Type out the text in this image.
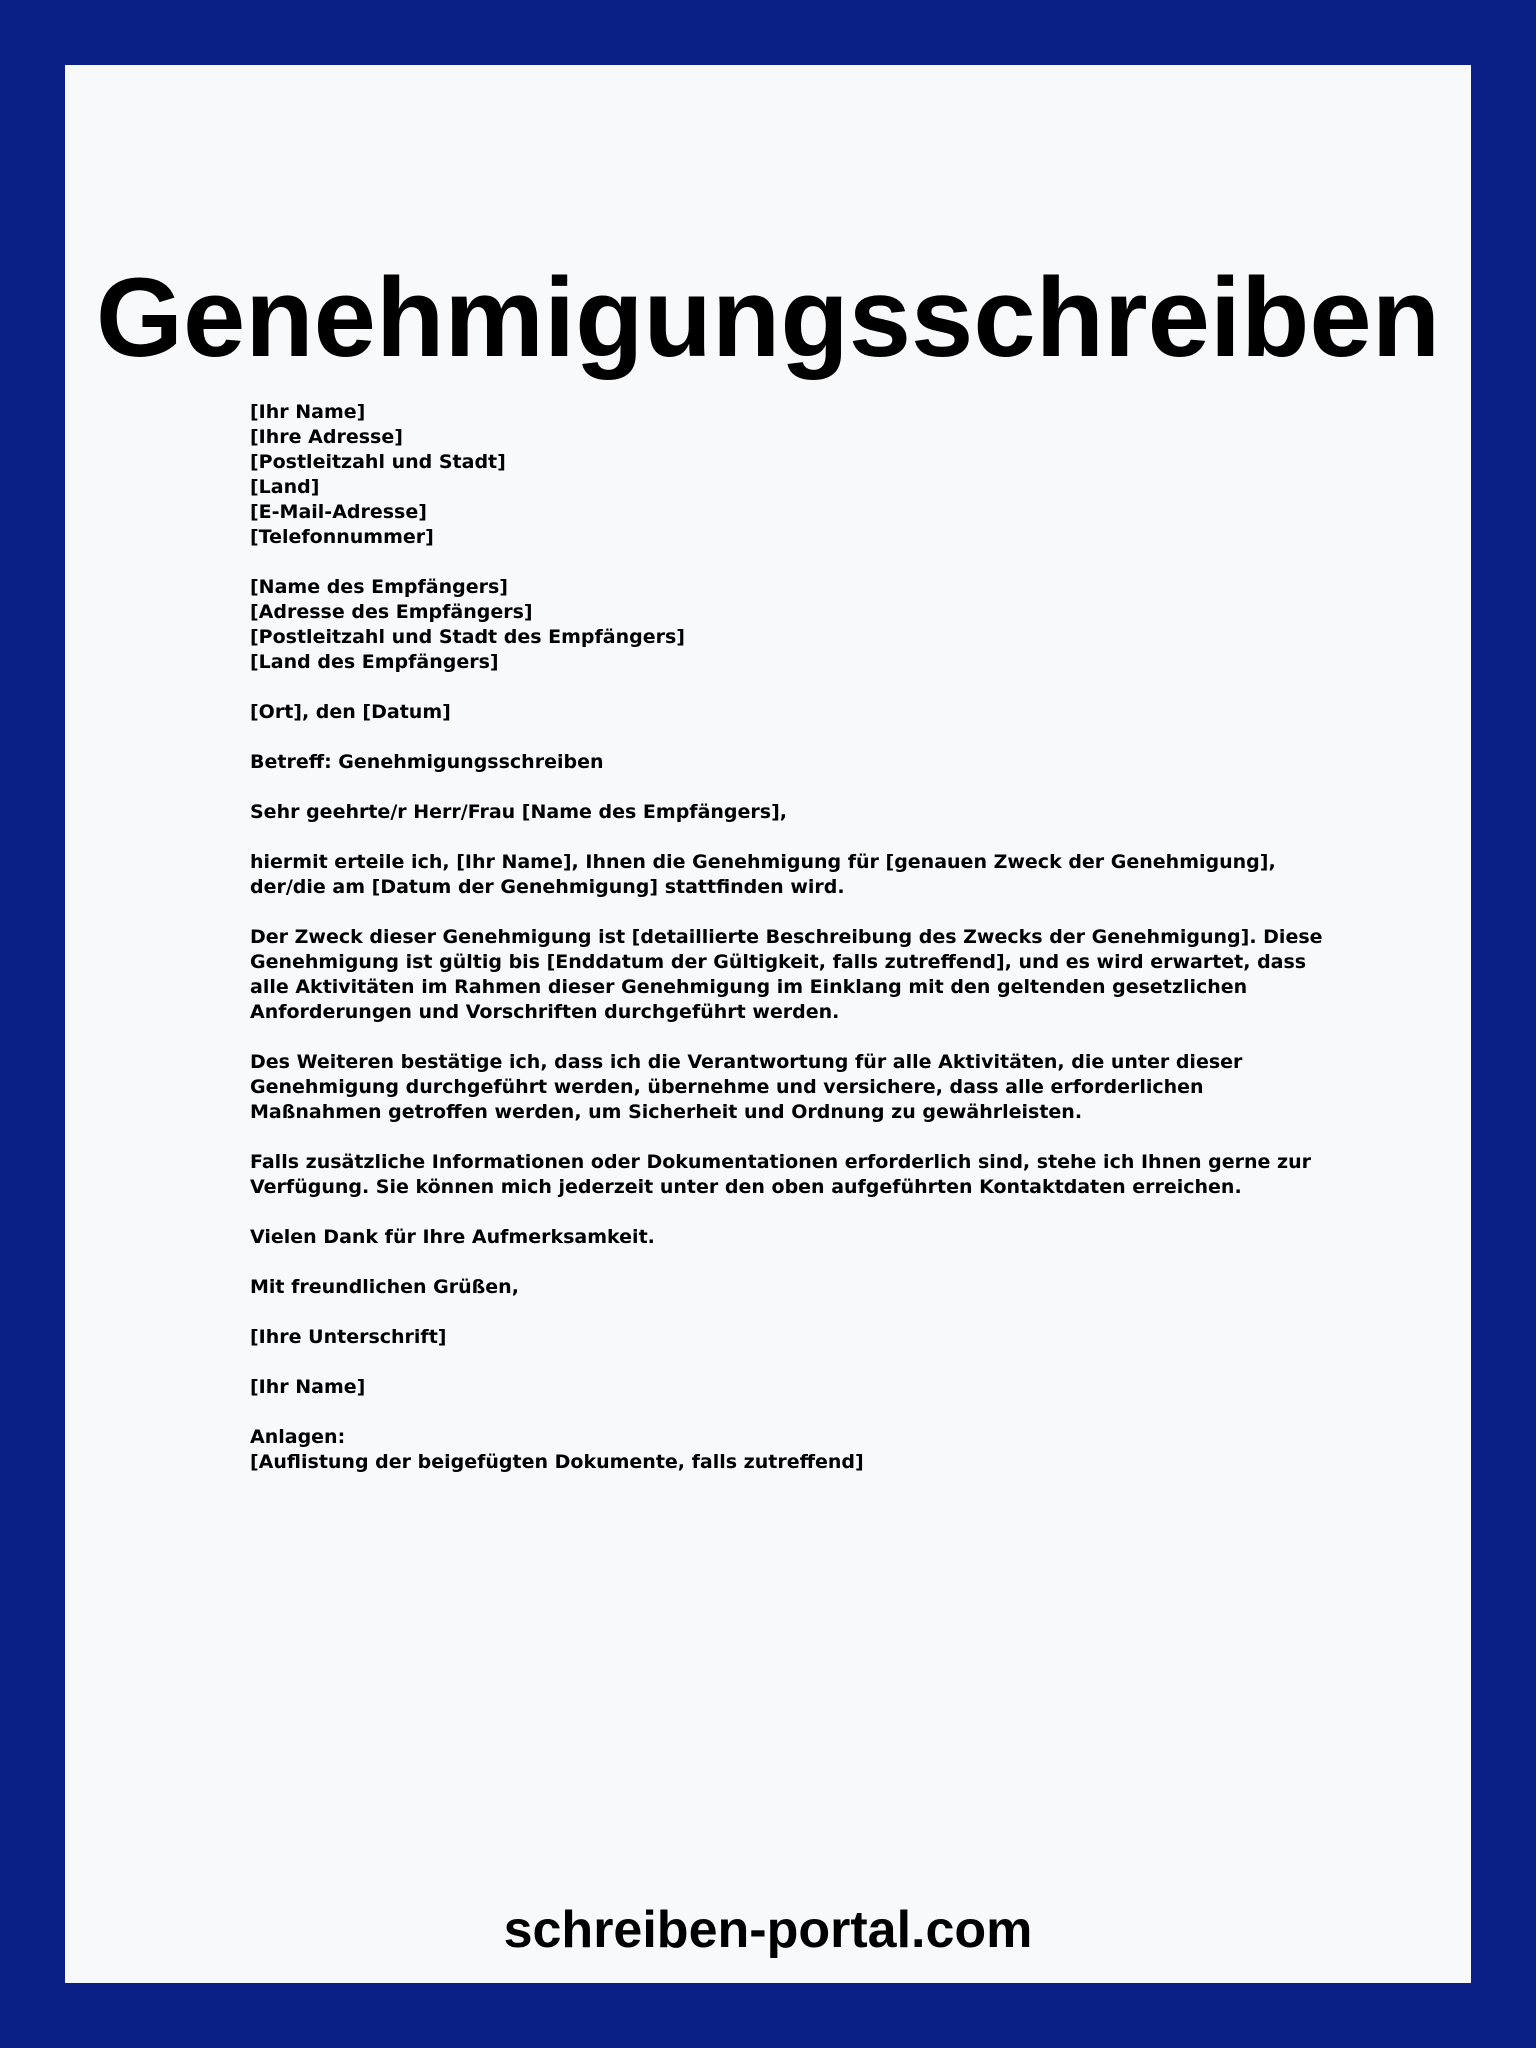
Genehmigungsschreiben

[Ihr Name]
[Ihre Adresse]
[Postleitzahl und Stadt]
[Land]
[E-Mail-Adresse]
[Telefonnummer]

[Name des Empfängers]
[Adresse des Empfängers]
[Postleitzahl und Stadt des Empfängers]
[Land des Empfängers]

[Ort], den [Datum]

Betreff: Genehmigungsschreiben

Sehr geehrte/r Herr/Frau [Name des Empfängers],

hiermit erteile ich, [Ihr Name], Ihnen die Genehmigung für [genauen Zweck der Genehmigung], der/die am [Datum der Genehmigung] stattfinden wird.

Der Zweck dieser Genehmigung ist [detaillierte Beschreibung des Zwecks der Genehmigung]. Diese Genehmigung ist gültig bis [Enddatum der Gültigkeit, falls zutreffend], und es wird erwartet, dass alle Aktivitäten im Rahmen dieser Genehmigung im Einklang mit den geltenden gesetzlichen Anforderungen und Vorschriften durchgeführt werden.

Des Weiteren bestätige ich, dass ich die Verantwortung für alle Aktivitäten, die unter dieser Genehmigung durchgeführt werden, übernehme und versichere, dass alle erforderlichen Maßnahmen getroffen werden, um Sicherheit und Ordnung zu gewährleisten.

Falls zusätzliche Informationen oder Dokumentationen erforderlich sind, stehe ich Ihnen gerne zur Verfügung. Sie können mich jederzeit unter den oben aufgeführten Kontaktdaten erreichen.

Vielen Dank für Ihre Aufmerksamkeit.

Mit freundlichen Grüßen,

[Ihre Unterschrift]

[Ihr Name]

Anlagen:
[Auflistung der beigefügten Dokumente, falls zutreffend]

schreiben-portal.com
